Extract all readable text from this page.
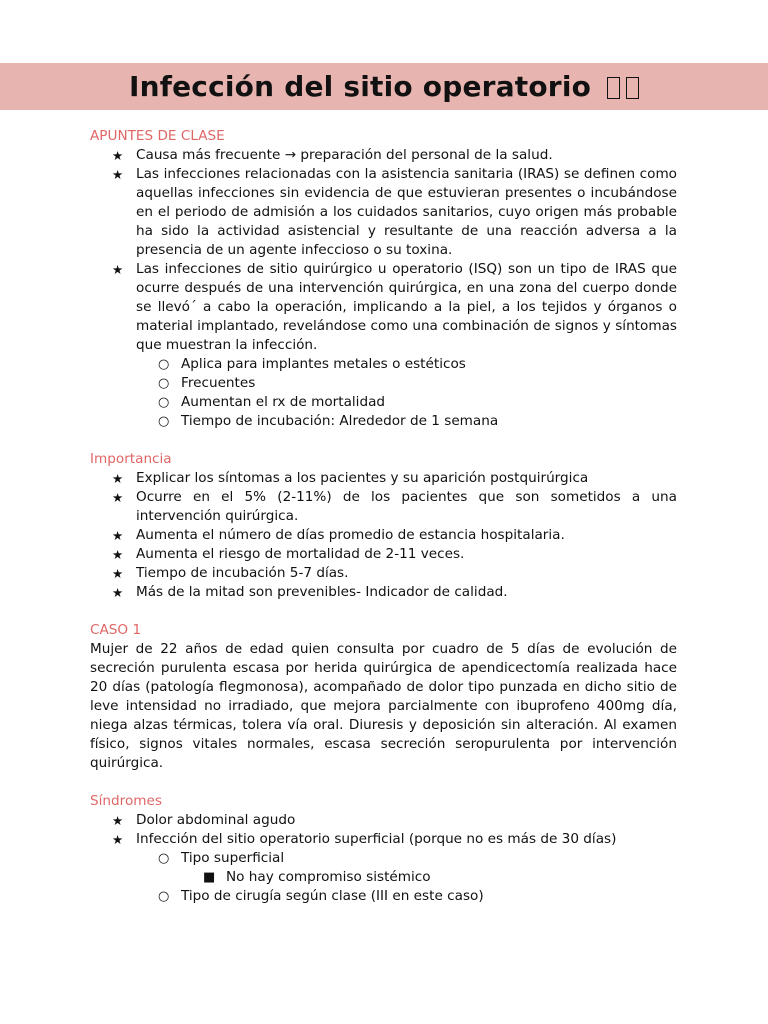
Infección del sitio operatorio
APUNTES DE CLASE
★ Causa más frecuente → preparación del personal de la salud.
★ Las infecciones relacionadas con la asistencia sanitaria (IRAS) se definen como aquellas infecciones sin evidencia de que estuvieran presentes o incubándose en el periodo de admisión a los cuidados sanitarios, cuyo origen más probable ha sido la actividad asistencial y resultante de una reacción adversa a la presencia de un agente infeccioso o su toxina.
★ Las infecciones de sitio quirúrgico u operatorio (ISQ) son un tipo de IRAS que ocurre después de una intervención quirúrgica, en una zona del cuerpo donde se llevó´ a cabo la operación, implicando a la piel, a los tejidos y órganos o material implantado, revelándose como una combinación de signos y síntomas que muestran la infección.
○ Aplica para implantes metales o estéticos
○ Frecuentes
○ Aumentan el rx de mortalidad
○ Tiempo de incubación: Alrededor de 1 semana
Importancia
★ Explicar los síntomas a los pacientes y su aparición postquirúrgica
★ Ocurre en el 5% (2-11%) de los pacientes que son sometidos a una intervención quirúrgica.
★ Aumenta el número de días promedio de estancia hospitalaria.
★ Aumenta el riesgo de mortalidad de 2-11 veces.
★ Tiempo de incubación 5-7 días.
★ Más de la mitad son prevenibles- Indicador de calidad.
CASO 1

Mujer de 22 años de edad quien consulta por cuadro de 5 días de evolución de secreción purulenta escasa por herida quirúrgica de apendicectomía realizada hace 20 días (patología flegmonosa), acompañado de dolor tipo punzada en dicho sitio de leve intensidad no irradiado, que mejora parcialmente con ibuprofeno 400mg día, niega alzas térmicas, tolera vía oral. Diuresis y deposición sin alteración. Al examen físico, signos vitales normales, escasa secreción seropurulenta por intervención quirúrgica.

Síndromes
★ Dolor abdominal agudo
★ Infección del sitio operatorio superficial (porque no es más de 30 días)
○ Tipo superficial
■ No hay compromiso sistémico
○ Tipo de cirugía según clase (III en este caso)
